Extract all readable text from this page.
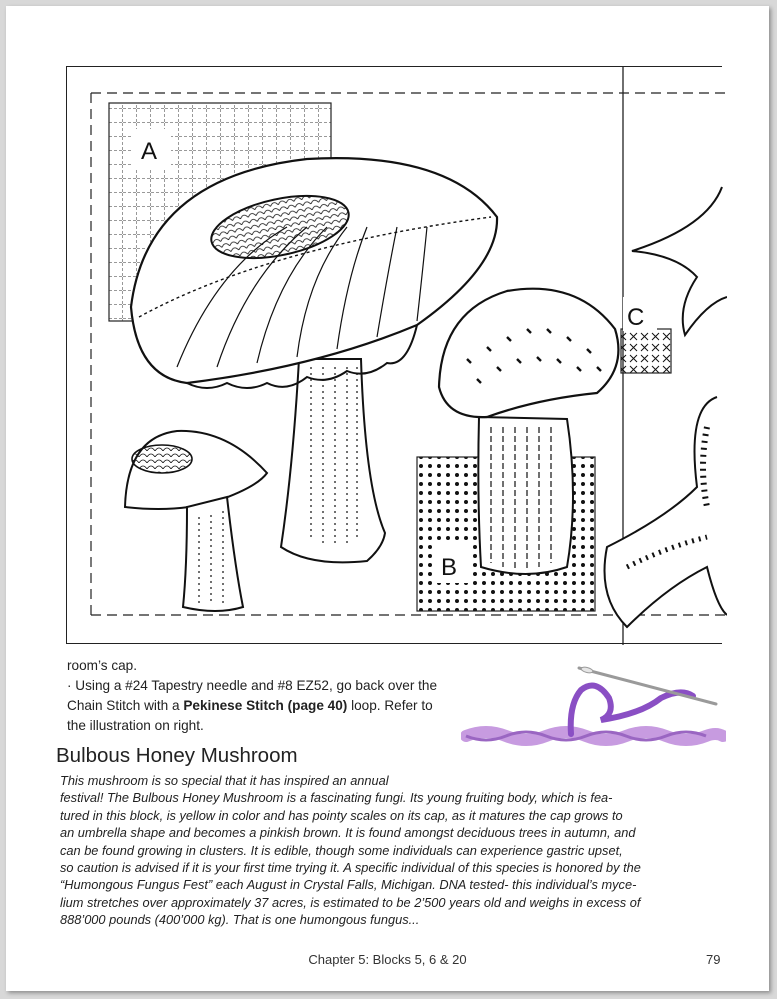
A
B
C
room’s cap.
· Using a #24 Tapestry needle and #8 EZ52, go back over the
Chain Stitch with a Pekinese Stitch (page 40) loop. Refer to
the illustration on right.
Bulbous Honey Mushroom
This mushroom is so special that it has inspired an annual
festival! The Bulbous Honey Mushroom is a fascinating fungi. Its young fruiting body, which is fea-
tured in this block, is yellow in color and has pointy scales on its cap, as it matures the cap grows to
an umbrella shape and becomes a pinkish brown. It is found amongst deciduous trees in autumn, and
can be found growing in clusters. It is edible, though some individuals can experience gastric upset,
so caution is advised if it is your first time trying it. A specific individual of this species is honored by the
“Humongous Fungus Fest” each August in Crystal Falls, Michigan. DNA tested- this individual’s myce-
lium stretches over approximately 37 acres, is estimated to be 2’500 years old and weighs in excess of
888’000 pounds (400’000 kg). That is one humongous fungus...
Chapter 5: Blocks 5, 6 & 20	79
